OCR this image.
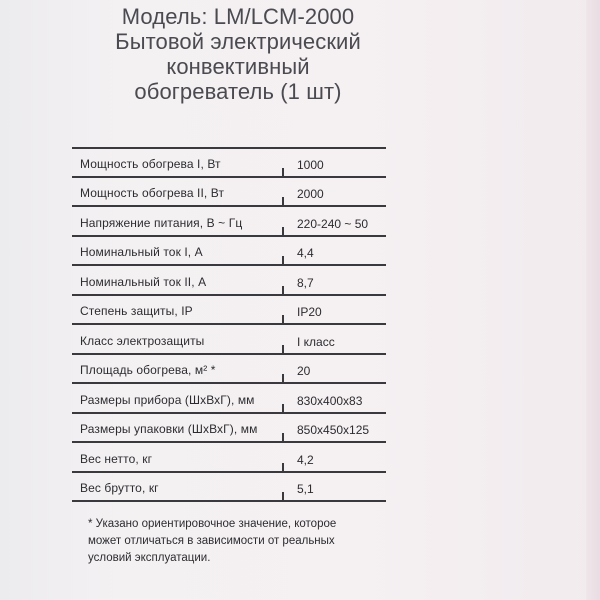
Модель: LM/LCM-2000
Бытовой электрический
конвективный
обогреватель (1 шт)
Мощность обогрева I, Вт	1000
Мощность обогрева II, Вт	2000
Напряжение питания, В ~ Гц	220-240 ~ 50
Номинальный ток I, А	4,4
Номинальный ток II, А	8,7
Степень защиты, IP	IP20
Класс электрозащиты	I класс
Площадь обогрева, м² *	20
Размеры прибора (ШхВхГ), мм	830х400х83
Размеры упаковки (ШхВхГ), мм	850х450х125
Вес нетто, кг	4,2
Вес брутто, кг	5,1
* Указано ориентировочное значение, которое
может отличаться в зависимости от реальных
условий эксплуатации.
